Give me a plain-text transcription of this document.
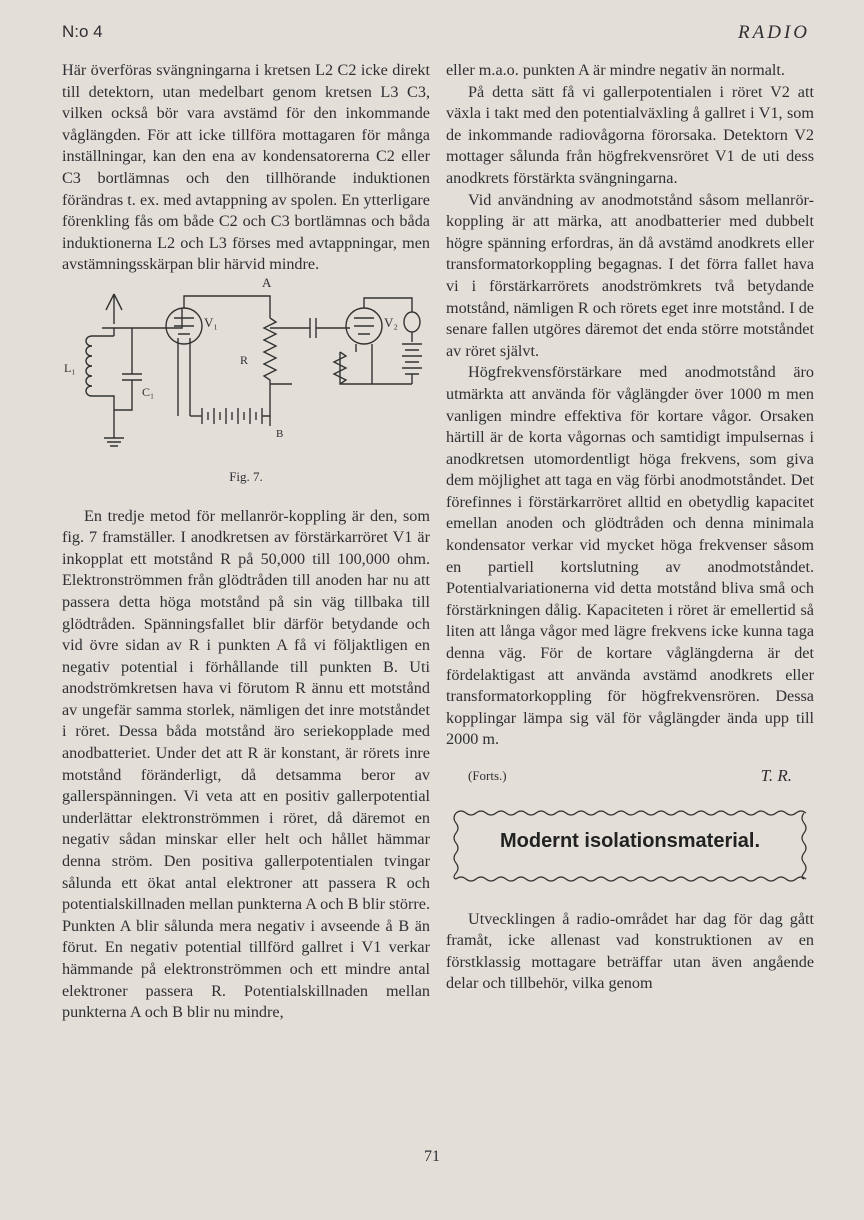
N:o 4	RADIO

Här överföras svängningarna i kretsen L2 C2 icke direkt till detektorn, utan medelbart genom kretsen L3 C3, vilken också bör vara avstämd för den inkommande våglängden. För att icke tillföra mottagaren för många inställningar, kan den ena av kondensatorerna C2 eller C3 bortlämnas och den tillhörande induktionen förändras t. ex. med avtappning av spolen. En ytterligare förenkling fås om både C2 och C3 bortlämnas och båda induktionerna L2 och L3 förses med avtappningar, men avstämningsskärpan blir härvid mindre.

A
V₁	V₂
R
B
L₁
C₁
Fig. 7.

En tredje metod för mellanrör-koppling är den, som fig. 7 framställer. I anodkretsen av förstärkarröret V1 är inkopplat ett motstånd R på 50,000 till 100,000 ohm. Elektronströmmen från glödtråden till anoden har nu att passera detta höga motstånd på sin väg tillbaka till glödtråden. Spänningsfallet blir därför betydande och vid övre sidan av R i punkten A få vi följaktligen en negativ potential i förhållande till punkten B. Uti anodströmkretsen hava vi förutom R ännu ett motstånd av ungefär samma storlek, nämligen det inre motståndet i röret. Dessa båda motstånd äro seriekopplade med anodbatteriet. Under det att R är konstant, är rörets inre motstånd föränderligt, då detsamma beror av gallerspänningen. Vi veta att en positiv gallerpotential underlättar elektronströmmen i röret, då däremot en negativ sådan minskar eller helt och hållet hämmar denna ström. Den positiva gallerpotentialen tvingar sålunda ett ökat antal elektroner att passera R och potentialskillnaden mellan punkterna A och B blir större. Punkten A blir sålunda mera negativ i avseende å B än förut. En negativ potential tillförd gallret i V1 verkar hämmande på elektronströmmen och ett mindre antal elektroner passera R. Potentialskillnaden mellan punkterna A och B blir nu mindre,

eller m.a.o. punkten A är mindre negativ än normalt.

På detta sätt få vi gallerpotentialen i röret V2 att växla i takt med den potentialväxling å gallret i V1, som de inkommande radiovågorna förorsaka. Detektorn V2 mottager sålunda från högfrekvensröret V1 de uti dess anodkrets förstärkta svängningarna.

Vid användning av anodmotstånd såsom mellanrör-koppling är att märka, att anodbatterier med dubbelt högre spänning erfordras, än då avstämd anodkrets eller transformatorkoppling begagnas. I det förra fallet hava vi i förstärkarrörets anodströmkrets två betydande motstånd, nämligen R och rörets eget inre motstånd. I de senare fallen utgöres däremot det enda större motståndet av röret självt.

Högfrekvensförstärkare med anodmotstånd äro utmärkta att använda för våglängder över 1000 m men vanligen mindre effektiva för kortare vågor. Orsaken härtill är de korta vågornas och samtidigt impulsernas i anodkretsen utomordentligt höga frekvens, som giva dem möjlighet att taga en väg förbi anodmotståndet. Det förefinnes i förstärkarröret alltid en obetydlig kapacitet emellan anoden och glödtråden och denna minimala kondensator verkar vid mycket höga frekvenser såsom en partiell kortslutning av anodmotståndet. Potentialvariationerna vid detta motstånd bliva små och förstärkningen dålig. Kapaciteten i röret är emellertid så liten att långa vågor med lägre frekvens icke kunna taga denna väg. För de kortare våglängderna är det fördelaktigast att använda avstämd anodkrets eller transformatorkoppling för högfrekvensrören. Dessa kopplingar lämpa sig väl för våglängder ända upp till 2000 m.

(Forts.)	T. R.
Modernt isolationsmaterial.

Utvecklingen å radio-området har dag för dag gått framåt, icke allenast vad konstruktionen av en förstklassig mottagare beträffar utan även angående delar och tillbehör, vilka genom

71
